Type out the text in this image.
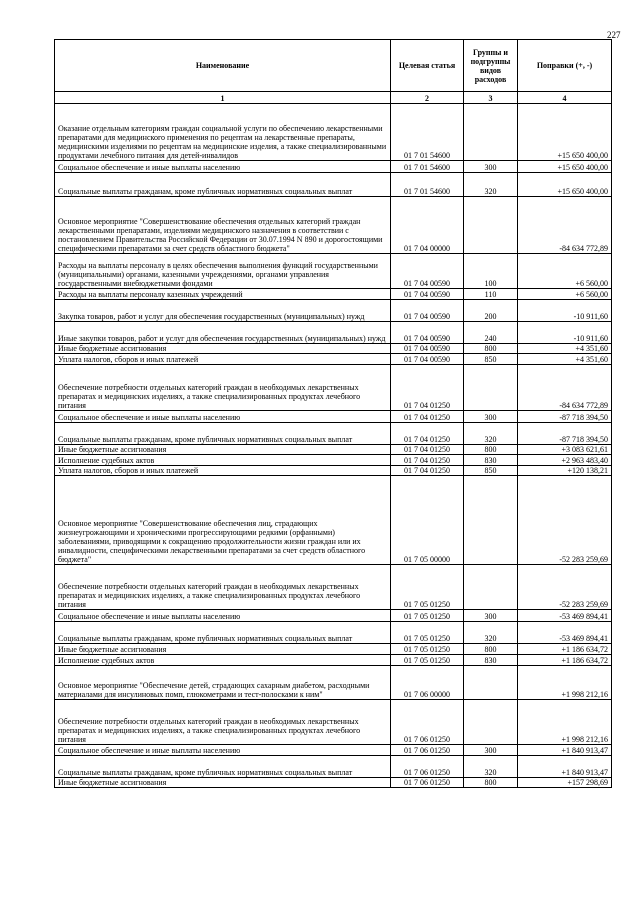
227
Наименование	Целевая статья	Группы и подгруппы видов расходов	Поправки (+, -)
1	2	3	4
Оказание отдельным категориям граждан социальной услуги по обеспечению лекарственными препаратами для медицинского применения по рецептам на лекарственные препараты, медицинскими изделиями по рецептам на медицинские изделия, а также специализированными продуктами лечебного питания для детей-инвалидов	01 7 01 54600		+15 650 400,00
Социальное обеспечение и иные выплаты населению	01 7 01 54600	300	+15 650 400,00
Социальные выплаты гражданам, кроме публичных нормативных социальных выплат	01 7 01 54600	320	+15 650 400,00
Основное мероприятие "Совершенствование обеспечения отдельных категорий граждан лекарственными препаратами, изделиями медицинского назначения в соответствии с постановлением Правительства Российской Федерации от 30.07.1994 N 890 и дорогостоящими специфическими препаратами за счет средств областного бюджета"	01 7 04 00000		-84 634 772,89
Расходы на выплаты персоналу в целях обеспечения выполнения функций государственными (муниципальными) органами, казенными учреждениями, органами управления государственными внебюджетными фондами	01 7 04 00590	100	+6 560,00
Расходы на выплаты персоналу казенных учреждений	01 7 04 00590	110	+6 560,00
Закупка товаров, работ и услуг для обеспечения государственных (муниципальных) нужд	01 7 04 00590	200	-10 911,60
Иные закупки товаров, работ и услуг для обеспечения государственных (муниципальных) нужд	01 7 04 00590	240	-10 911,60
Иные бюджетные ассигнования	01 7 04 00590	800	+4 351,60
Уплата налогов, сборов и иных платежей	01 7 04 00590	850	+4 351,60
Обеспечение потребности отдельных категорий граждан в необходимых лекарственных препаратах и медицинских изделиях, а также специализированных продуктах лечебного питания	01 7 04 01250		-84 634 772,89
Социальное обеспечение и иные выплаты населению	01 7 04 01250	300	-87 718 394,50
Социальные выплаты гражданам, кроме публичных нормативных социальных выплат	01 7 04 01250	320	-87 718 394,50
Иные бюджетные ассигнования	01 7 04 01250	800	+3 083 621,61
Исполнение судебных актов	01 7 04 01250	830	+2 963 483,40
Уплата налогов, сборов и иных платежей	01 7 04 01250	850	+120 138,21
Основное мероприятие "Совершенствование обеспечения лиц, страдающих жизнеугрожающими и хроническими прогрессирующими редкими (орфанными) заболеваниями, приводящими к сокращению продолжительности жизни граждан или их инвалидности, специфическими лекарственными препаратами за счет средств областного бюджета"	01 7 05 00000		-52 283 259,69
Обеспечение потребности отдельных категорий граждан в необходимых лекарственных препаратах и медицинских изделиях, а также специализированных продуктах лечебного питания	01 7 05 01250		-52 283 259,69
Социальное обеспечение и иные выплаты населению	01 7 05 01250	300	-53 469 894,41
Социальные выплаты гражданам, кроме публичных нормативных социальных выплат	01 7 05 01250	320	-53 469 894,41
Иные бюджетные ассигнования	01 7 05 01250	800	+1 186 634,72
Исполнение судебных актов	01 7 05 01250	830	+1 186 634,72
Основное мероприятие "Обеспечение детей, страдающих сахарным диабетом, расходными материалами для инсулиновых помп, глюкометрами и тест-полосками к ним"	01 7 06 00000		+1 998 212,16
Обеспечение потребности отдельных категорий граждан в необходимых лекарственных препаратах и медицинских изделиях, а также специализированных продуктах лечебного питания	01 7 06 01250		+1 998 212,16
Социальное обеспечение и иные выплаты населению	01 7 06 01250	300	+1 840 913,47
Социальные выплаты гражданам, кроме публичных нормативных социальных выплат	01 7 06 01250	320	+1 840 913,47
Иные бюджетные ассигнования	01 7 06 01250	800	+157 298,69
